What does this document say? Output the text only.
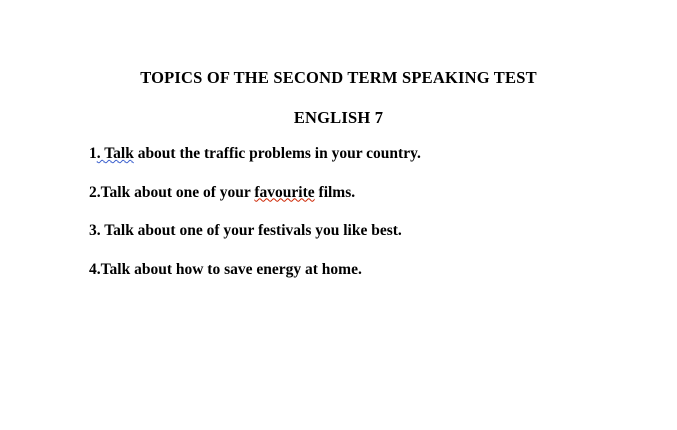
TOPICS OF THE SECOND TERM SPEAKING TEST
ENGLISH 7
1. Talk about the traffic problems in your country.
2.Talk about one of your favourite films.
3. Talk about one of your festivals you like best.
4.Talk about how to save energy at home.
